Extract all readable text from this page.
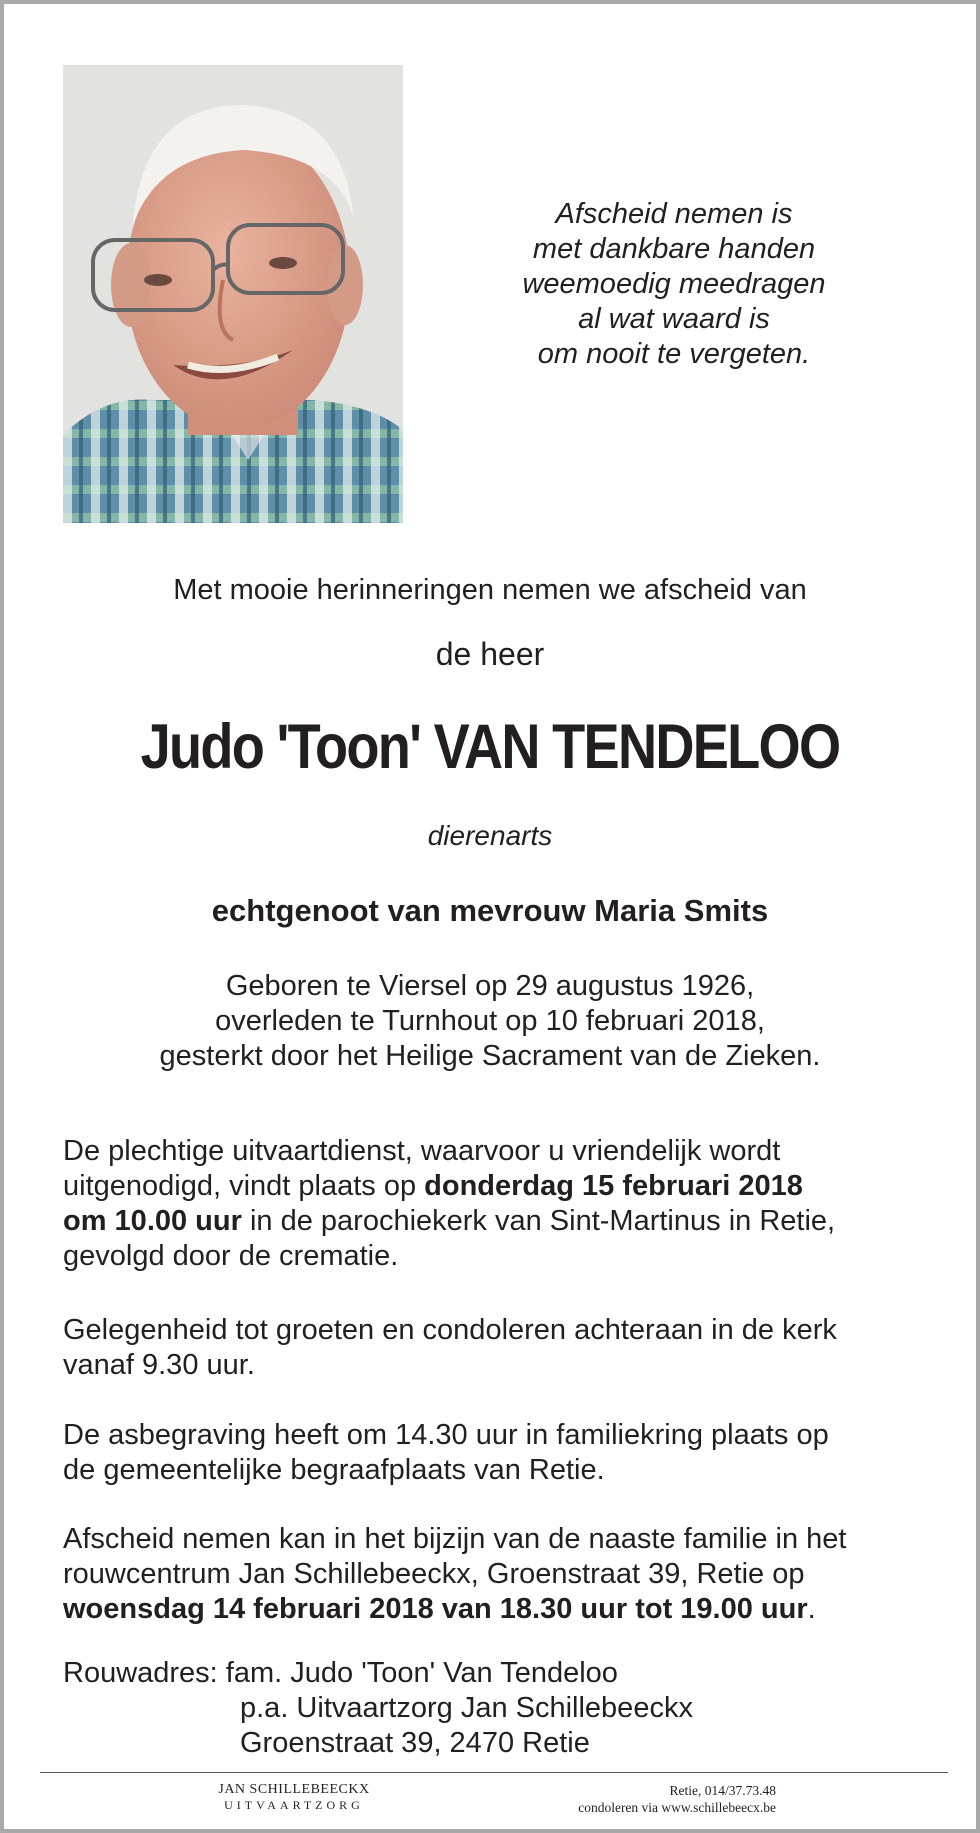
Afscheid nemen is
met dankbare handen
weemoedig meedragen
al wat waard is
om nooit te vergeten.
Met mooie herinneringen nemen we afscheid van
de heer
Judo 'Toon' VAN TENDELOO
dierenarts
echtgenoot van mevrouw Maria Smits
Geboren te Viersel op 29 augustus 1926,
overleden te Turnhout op 10 februari 2018,
gesterkt door het Heilige Sacrament van de Zieken.
De plechtige uitvaartdienst, waarvoor u vriendelijk wordt
uitgenodigd, vindt plaats op donderdag 15 februari 2018
om 10.00 uur in de parochiekerk van Sint-Martinus in Retie,
gevolgd door de crematie.
Gelegenheid tot groeten en condoleren achteraan in de kerk
vanaf 9.30 uur.
De asbegraving heeft om 14.30 uur in familiekring plaats op
de gemeentelijke begraafplaats van Retie.
Afscheid nemen kan in het bijzijn van de naaste familie in het
rouwcentrum Jan Schillebeeckx, Groenstraat 39, Retie op
woensdag 14 februari 2018 van 18.30 uur tot 19.00 uur.
Rouwadres: fam. Judo 'Toon' Van Tendeloo
p.a. Uitvaartzorg Jan Schillebeeckx
Groenstraat 39, 2470 Retie
JAN SCHILLEBEECKX
UITVAARTZORG
Retie, 014/37.73.48
condoleren via www.schillebeecx.be
